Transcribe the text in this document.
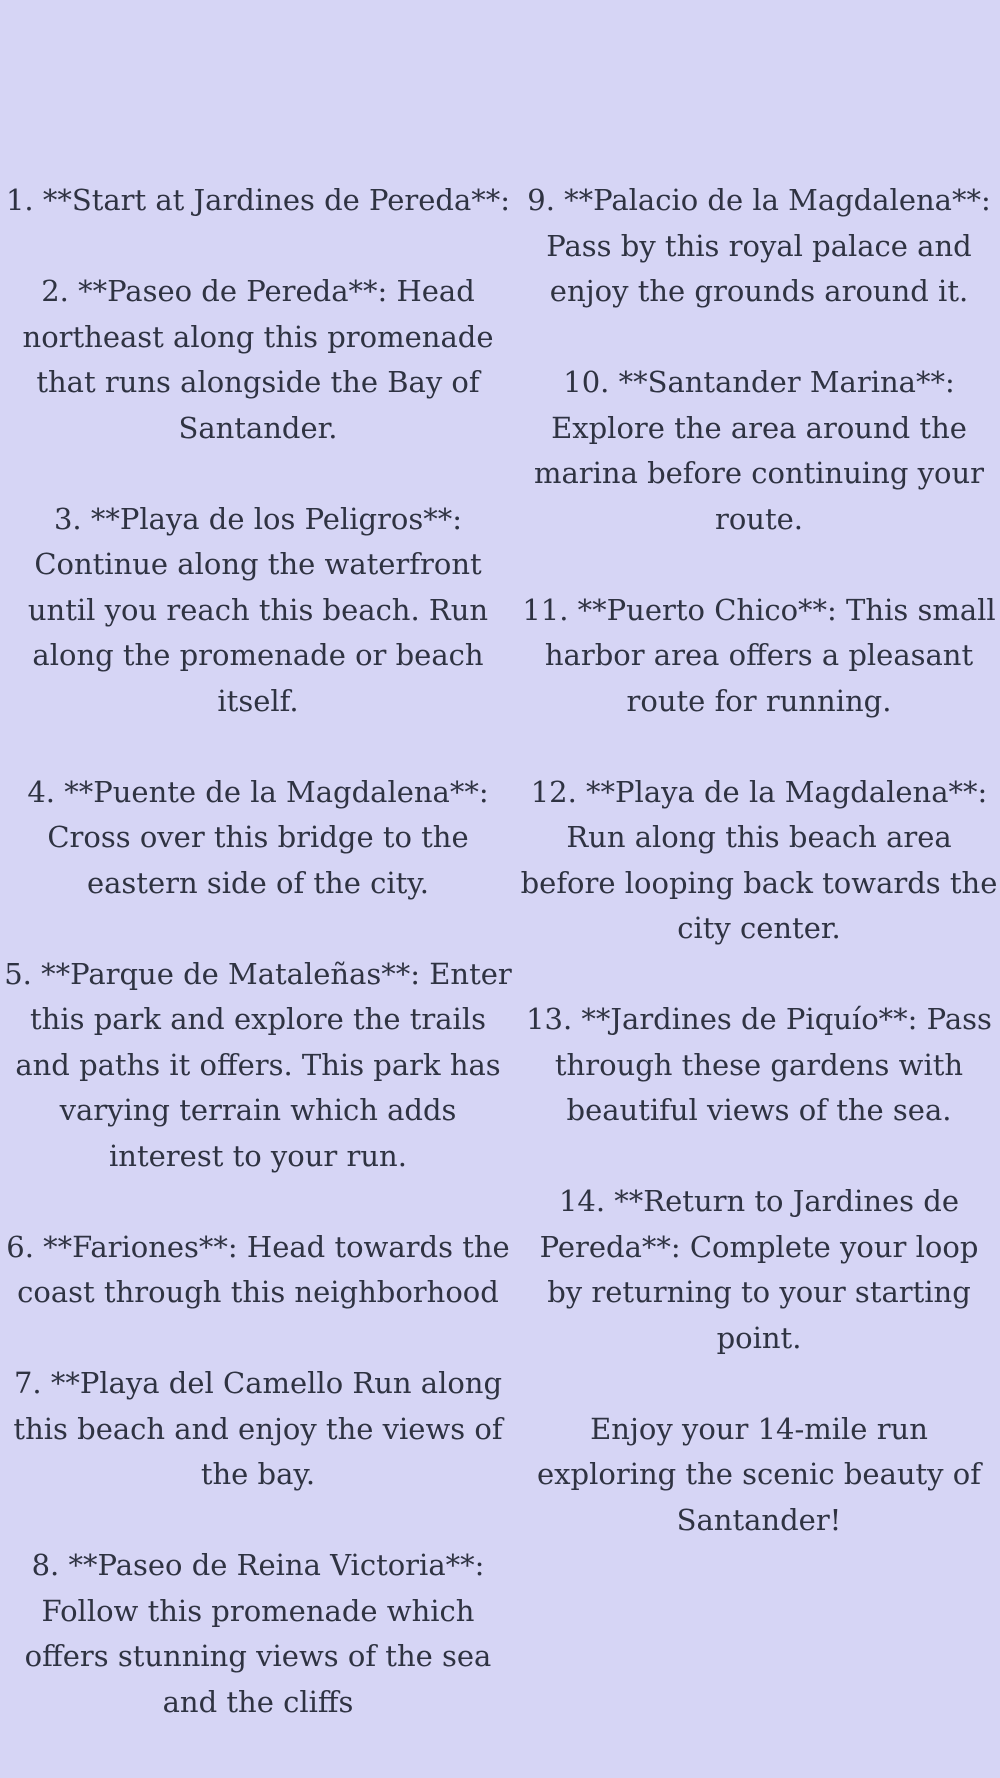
1. **Start at Jardines de Pereda**:

2. **Paseo de Pereda**: Head northeast along this promenade that runs alongside the Bay of Santander.

3. **Playa de los Peligros**: Continue along the waterfront until you reach this beach. Run along the promenade or beach itself.

4. **Puente de la Magdalena**: Cross over this bridge to the eastern side of the city.

5. **Parque de Mataleñas**: Enter this park and explore the trails and paths it offers. This park has varying terrain which adds interest to your run.

6. **Fariones**: Head towards the coast through this neighborhood

7. **Playa del Camello Run along this beach and enjoy the views of the bay.

8. **Paseo de Reina Victoria**: Follow this promenade which offers stunning views of the sea and the cliffs

9. **Palacio de la Magdalena**: Pass by this royal palace and enjoy the grounds around it.

10. **Santander Marina**: Explore the area around the marina before continuing your route.

11. **Puerto Chico**: This small harbor area offers a pleasant route for running.

12. **Playa de la Magdalena**: Run along this beach area before looping back towards the city center.

13. **Jardines de Piquío**: Pass through these gardens with beautiful views of the sea.

14. **Return to Jardines de Pereda**: Complete your loop by returning to your starting point.

Enjoy your 14-mile run exploring the scenic beauty of Santander!
